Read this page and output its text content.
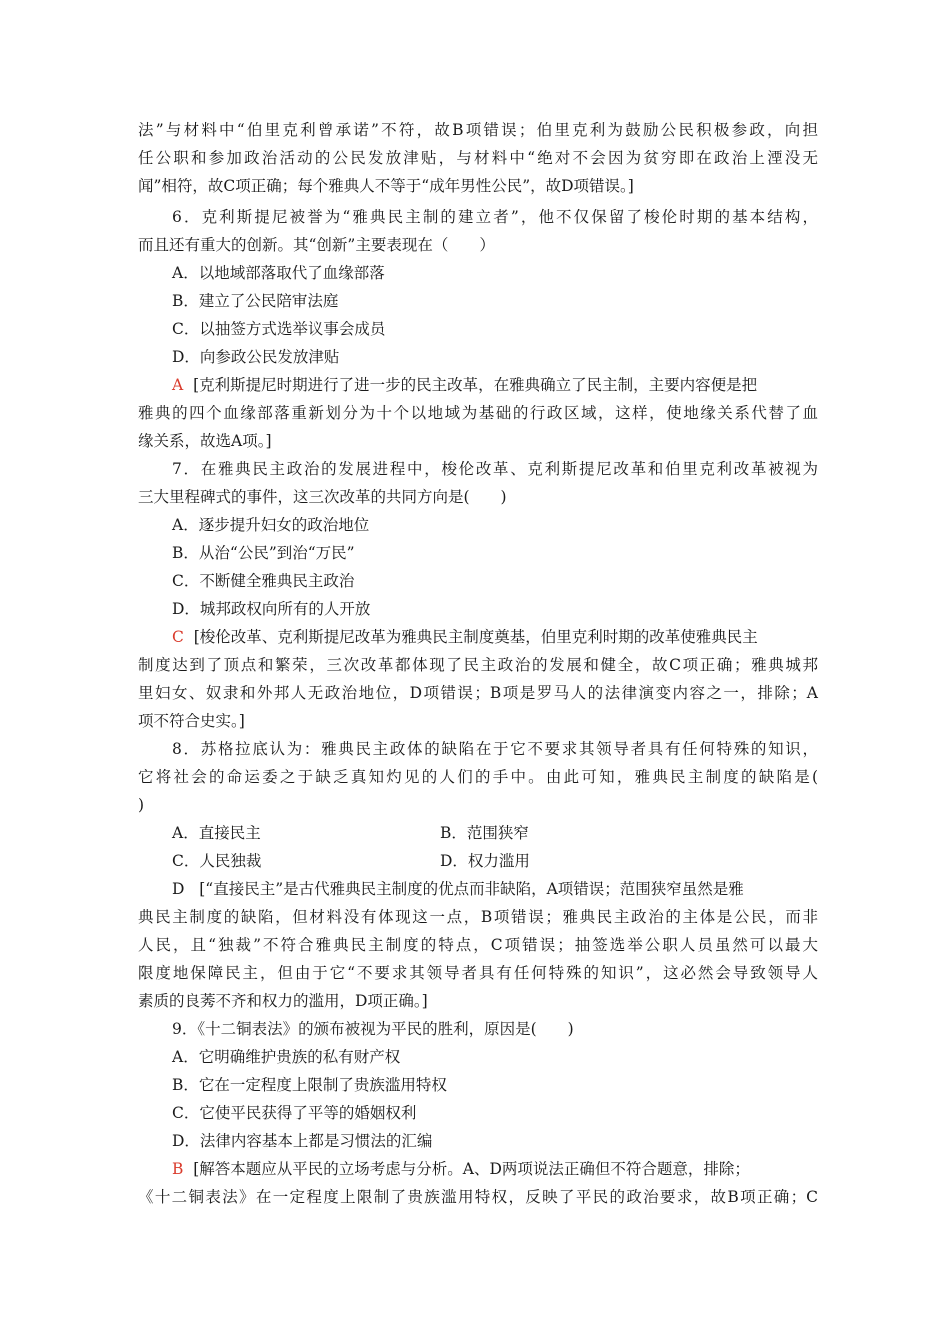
法”与材料中“伯里克利曾承诺”不符，故B项错误；伯里克利为鼓励公民积极参政，向担
任公职和参加政治活动的公民发放津贴，与材料中“绝对不会因为贫穷即在政治上湮没无
闻”相符，故C项正确；每个雅典人不等于“成年男性公民”，故D项错误。]
6．克利斯提尼被誉为“雅典民主制的建立者”，他不仅保留了梭伦时期的基本结构，
而且还有重大的创新。其“创新”主要表现在（　　）
A．以地域部落取代了血缘部落
B．建立了公民陪审法庭
C．以抽签方式选举议事会成员
D．向参政公民发放津贴
A [克利斯提尼时期进行了进一步的民主改革，在雅典确立了民主制，主要内容便是把
雅典的四个血缘部落重新划分为十个以地域为基础的行政区域，这样，使地缘关系代替了血
缘关系，故选A项。]
7．在雅典民主政治的发展进程中，梭伦改革、克利斯提尼改革和伯里克利改革被视为
三大里程碑式的事件，这三次改革的共同方向是(　　)
A．逐步提升妇女的政治地位
B．从治“公民”到治“万民”
C．不断健全雅典民主政治
D．城邦政权向所有的人开放
C [梭伦改革、克利斯提尼改革为雅典民主制度奠基，伯里克利时期的改革使雅典民主
制度达到了顶点和繁荣，三次改革都体现了民主政治的发展和健全，故C项正确；雅典城邦
里妇女、奴隶和外邦人无政治地位，D项错误；B项是罗马人的法律演变内容之一，排除；A
项不符合史实。]
8．苏格拉底认为：雅典民主政体的缺陷在于它不要求其领导者具有任何特殊的知识，
它将社会的命运委之于缺乏真知灼见的人们的手中。由此可知，雅典民主制度的缺陷是(
)
A．直接民主	B．范围狭窄
C．人民独裁	D．权力滥用
D [“直接民主”是古代雅典民主制度的优点而非缺陷，A项错误；范围狭窄虽然是雅
典民主制度的缺陷，但材料没有体现这一点，B项错误；雅典民主政治的主体是公民，而非
人民，且“独裁”不符合雅典民主制度的特点，C项错误；抽签选举公职人员虽然可以最大
限度地保障民主，但由于它“不要求其领导者具有任何特殊的知识”，这必然会导致领导人
素质的良莠不齐和权力的滥用，D项正确。]
9．《十二铜表法》的颁布被视为平民的胜利，原因是(　　)
A．它明确维护贵族的私有财产权
B．它在一定程度上限制了贵族滥用特权
C．它使平民获得了平等的婚姻权利
D．法律内容基本上都是习惯法的汇编
B [解答本题应从平民的立场考虑与分析。A、D两项说法正确但不符合题意，排除；
《十二铜表法》在一定程度上限制了贵族滥用特权，反映了平民的政治要求，故B项正确；C
